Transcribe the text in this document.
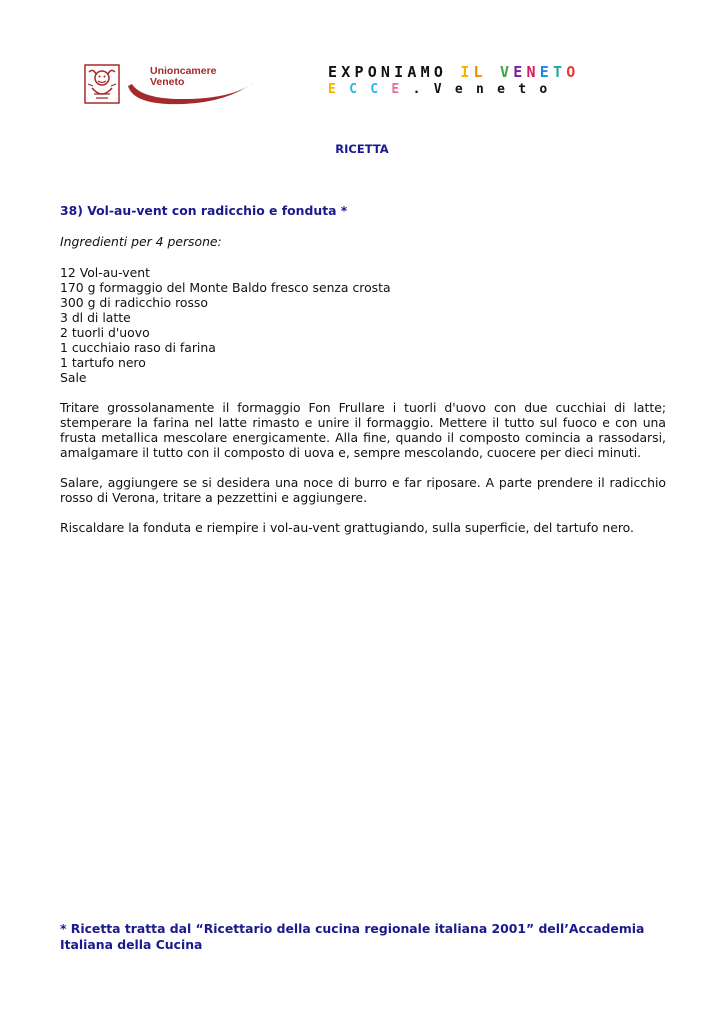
Unioncamere
Veneto
EXPONIAMO IL VENETO
ECCE.Veneto
RICETTA

38) Vol-au-vent con radicchio e fonduta *

Ingredienti per 4 persone:

12 Vol-au-vent
170 g formaggio del Monte Baldo fresco senza crosta
300 g di radicchio rosso
3 dl di latte
2 tuorli d'uovo
1 cucchiaio raso di farina
1 tartufo nero
Sale

Tritare grossolanamente il formaggio Fon Frullare i tuorli d'uovo con due cucchiai di latte; stemperare la farina nel latte rimasto e unire il formaggio. Mettere il tutto sul fuoco e con una frusta metallica mescolare energicamente. Alla fine, quando il composto comincia a rassodarsi, amalgamare il tutto con il composto di uova e, sempre mescolando, cuocere per dieci minuti.

Salare, aggiungere se si desidera una noce di burro e far riposare. A parte prendere il radicchio rosso di Verona, tritare a pezzettini e aggiungere.

Riscaldare la fonduta e riempire i vol-au-vent grattugiando, sulla superficie, del tartufo nero.

* Ricetta tratta dal “Ricettario della cucina regionale italiana 2001” dell’Accademia Italiana della Cucina
